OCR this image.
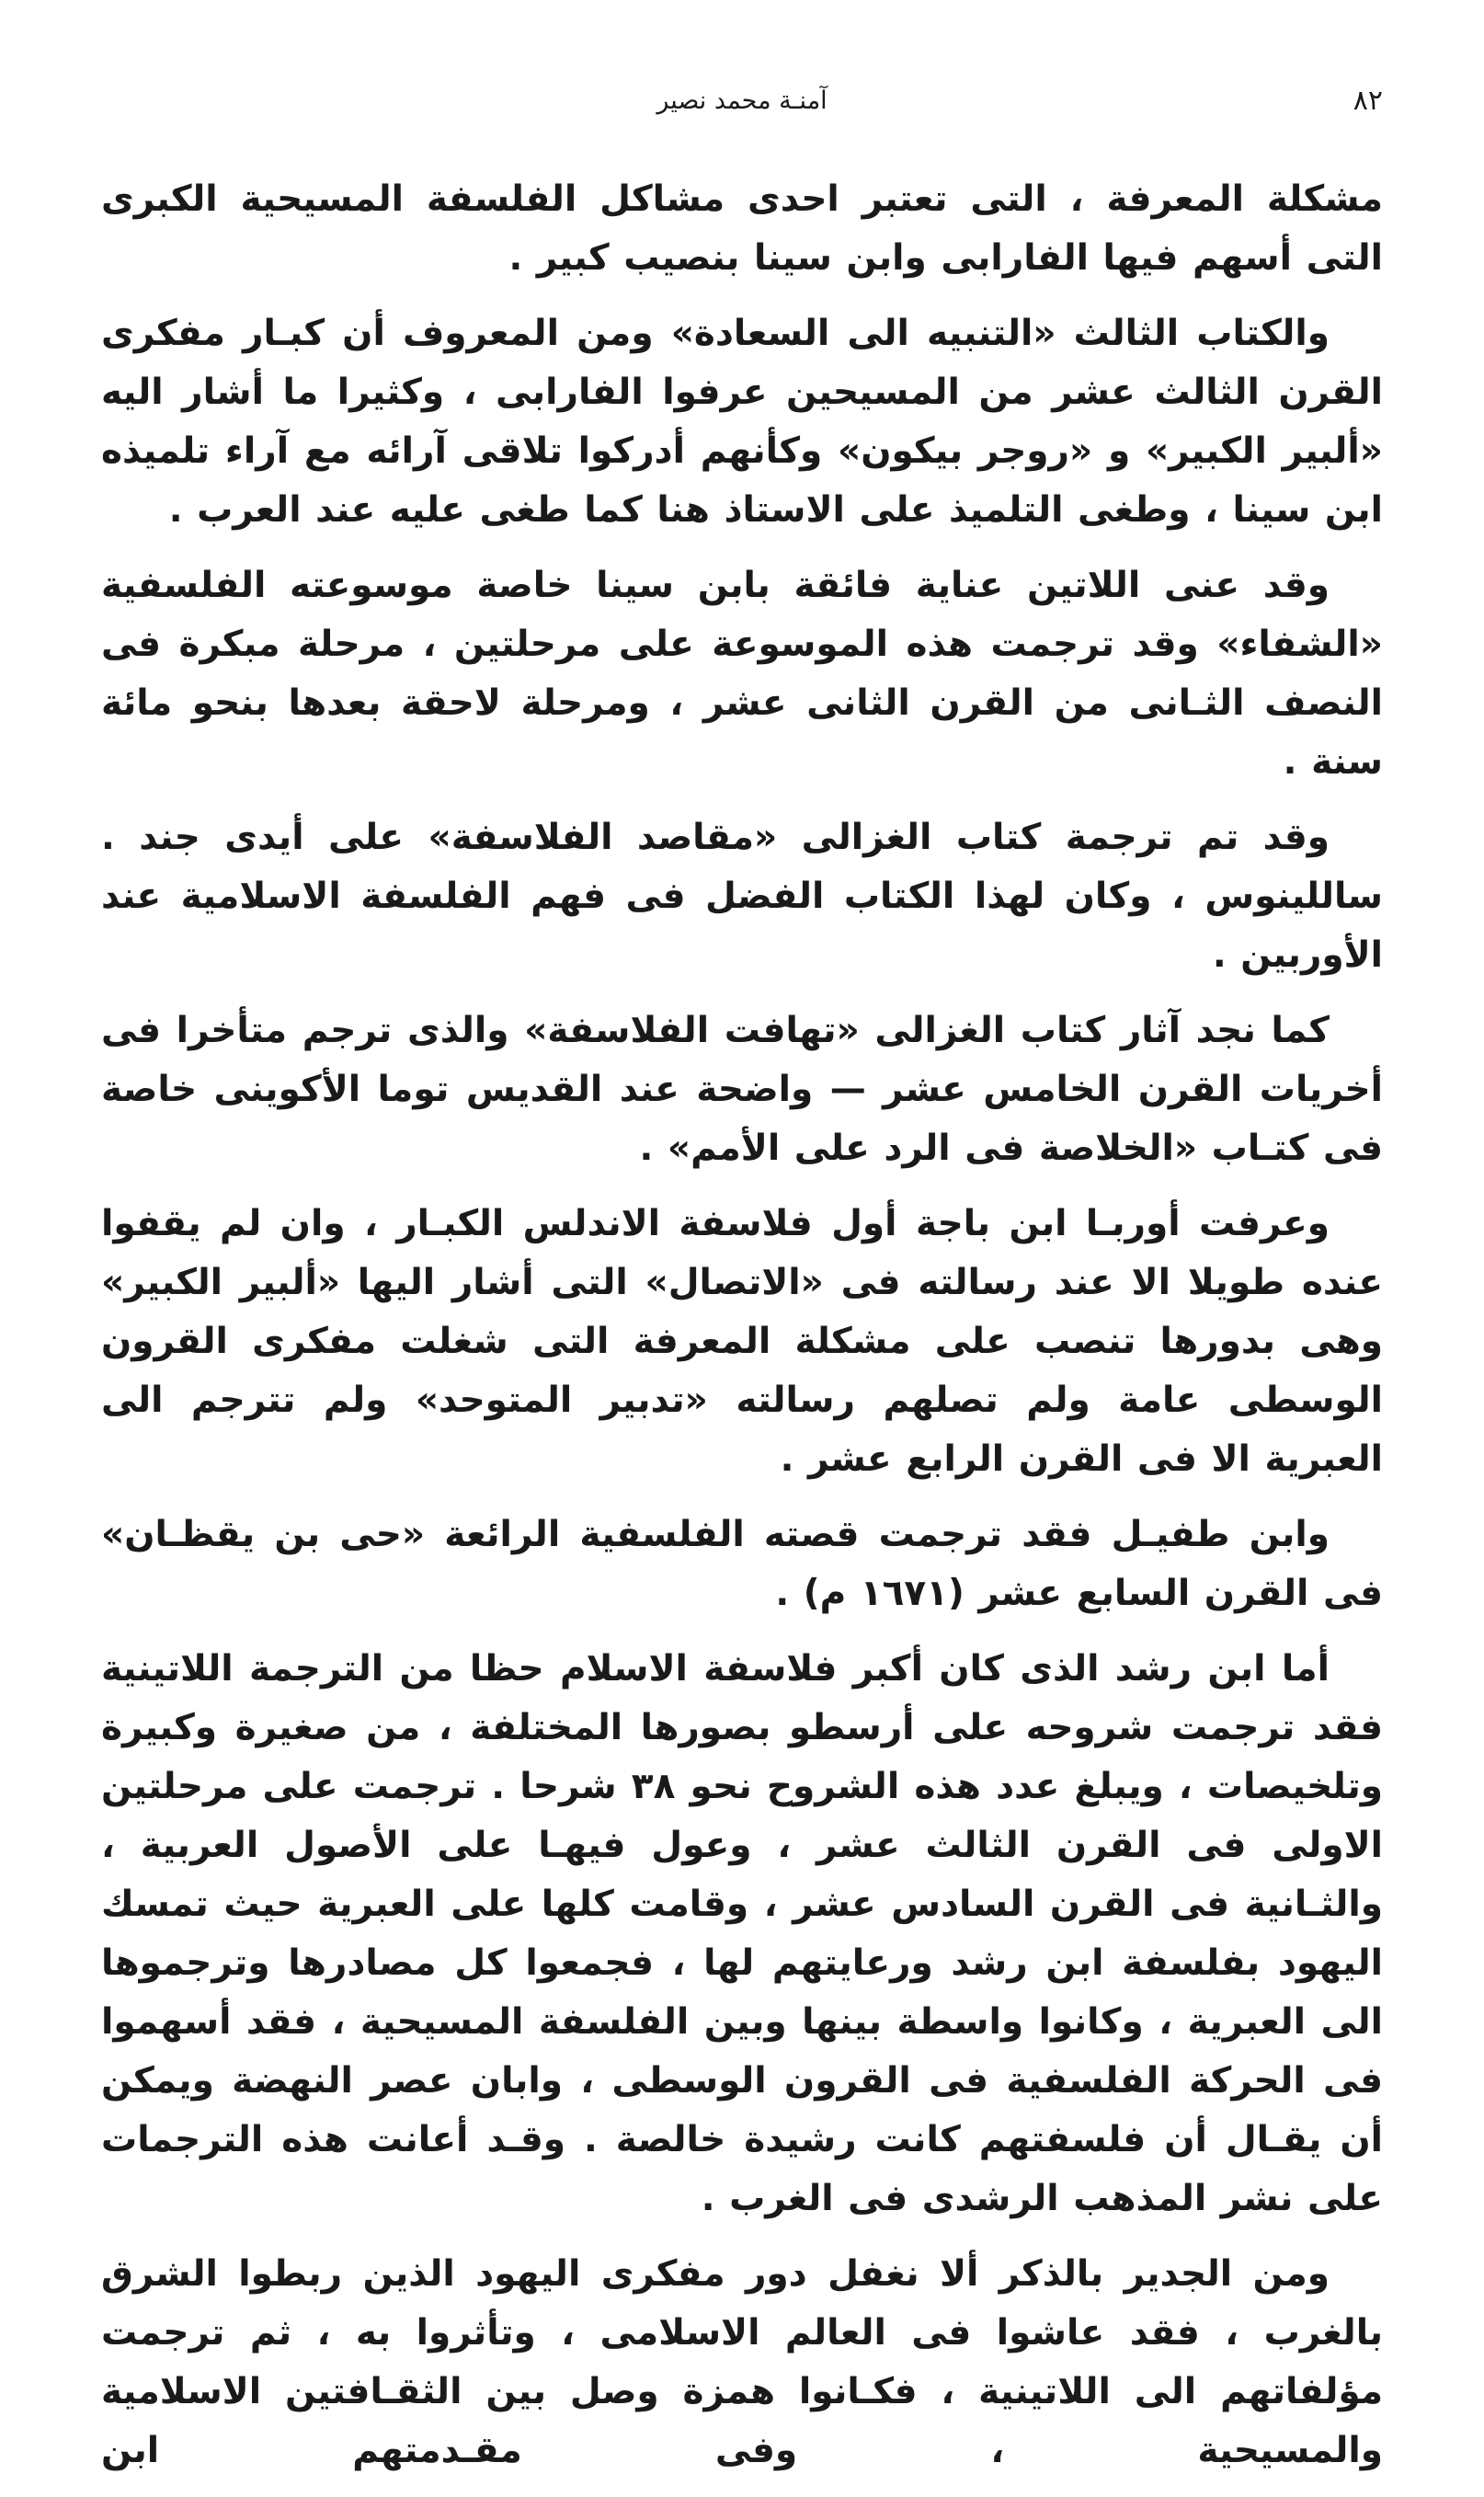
٨٢
آمنـة محمد نصير

مشكلة المعرفة ، التى تعتبر احدى مشاكل الفلسفة المسيحية الكبرى التى أسهم فيها الفارابى وابن سينا بنصيب كبير .

والكتاب الثالث «التنبيه الى السعادة» ومن المعروف أن كبـار مفكرى القرن الثالث عشر من المسيحين عرفوا الفارابى ، وكثيرا ما أشار اليه «ألبير الكبير» و «روجر بيكون» وكأنهم أدركوا تلاقى آرائه مع آراء تلميذه ابن سينا ، وطغى التلميذ على الاستاذ هنا كما طغى عليه عند العرب .

وقد عنى اللاتين عناية فائقة بابن سينا خاصة موسوعته الفلسفية «الشفاء» وقد ترجمت هذه الموسوعة على مرحلتين ، مرحلة مبكرة فى النصف الثـانى من القرن الثانى عشر ، ومرحلة لاحقة بعدها بنحو مائة سنة .

وقد تم ترجمة كتاب الغزالى «مقاصد الفلاسفة» على أيدى جند . ساللينوس ، وكان لهذا الكتاب الفضل فى فهم الفلسفة الاسلامية عند الأوربين .

كما نجد آثار كتاب الغزالى «تهافت الفلاسفة» والذى ترجم متأخرا فى أخريات القرن الخامس عشر — واضحة عند القديس توما الأكوينى خاصة فى كتـاب «الخلاصة فى الرد على الأمم» .

وعرفت أوربـا ابن باجة أول فلاسفة الاندلس الكبـار ، وان لم يقفوا عنده طويلا الا عند رسالته فى «الاتصال» التى أشار اليها «ألبير الكبير» وهى بدورها تنصب على مشكلة المعرفة التى شغلت مفكرى القرون الوسطى عامة ولم تصلهم رسالته «تدبير المتوحد» ولم تترجم الى العبرية الا فى القرن الرابع عشر .

وابن طفيـل فقد ترجمت قصته الفلسفية الرائعة «حى بن يقظـان» فى القرن السابع عشر (١٦٧١ م) .

أما ابن رشد الذى كان أكبر فلاسفة الاسلام حظا من الترجمة اللاتينية فقد ترجمت شروحه على أرسطو بصورها المختلفة ، من صغيرة وكبيرة وتلخيصات ، ويبلغ عدد هذه الشروح نحو ٣٨ شرحا . ترجمت على مرحلتين الاولى فى القرن الثالث عشر ، وعول فيهـا على الأصول العربية ، والثـانية فى القرن السادس عشر ، وقامت كلها على العبرية حيث تمسك اليهود بفلسفة ابن رشد ورعايتهم لها ، فجمعوا كل مصادرها وترجموها الى العبرية ، وكانوا واسطة بينها وبين الفلسفة المسيحية ، فقد أسهموا فى الحركة الفلسفية فى القرون الوسطى ، وابان عصر النهضة ويمكن أن يقـال أن فلسفتهم كانت رشيدة خالصة . وقـد أعانت هذه الترجمات على نشر المذهب الرشدى فى الغرب .

ومن الجدير بالذكر ألا نغفل دور مفكرى اليهود الذين ربطوا الشرق بالغرب ، فقد عاشوا فى العالم الاسلامى ، وتأثروا به ، ثم ترجمت مؤلفاتهم الى اللاتينية ، فكـانوا همزة وصل بين الثقـافتين الاسلامية والمسيحية ، وفى مقـدمتهم ابن
